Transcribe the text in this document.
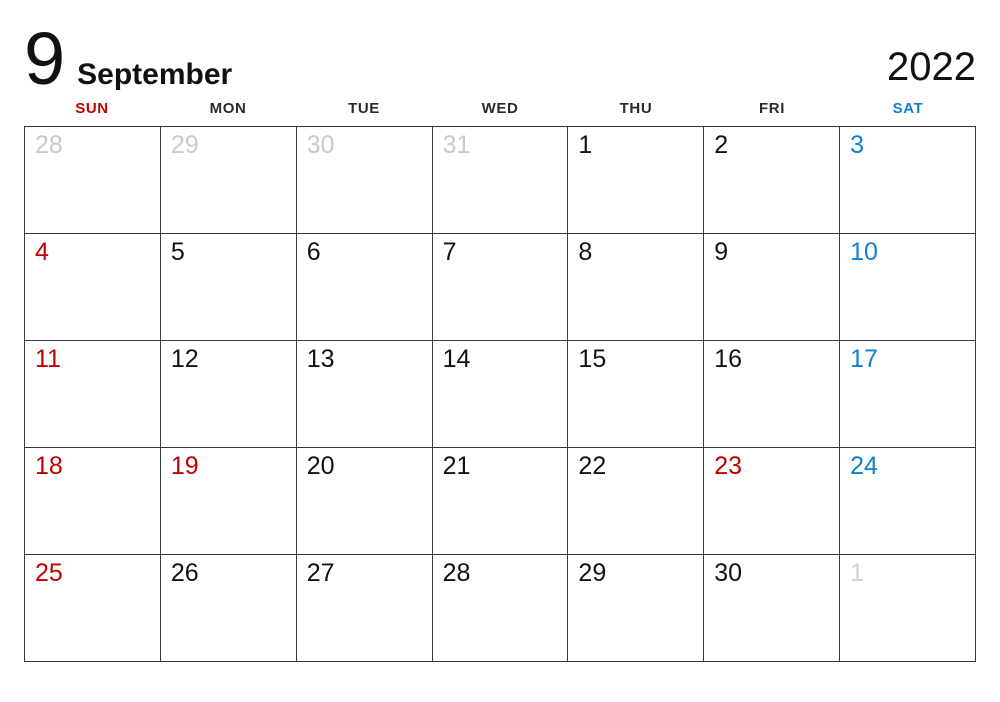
9 September	2022
SUN	MON	TUE	WED	THU	FRI	SAT
28	29	30	31	1	2	3
4	5	6	7	8	9	10
11	12	13	14	15	16	17
18	19	20	21	22	23	24
25	26	27	28	29	30	1
